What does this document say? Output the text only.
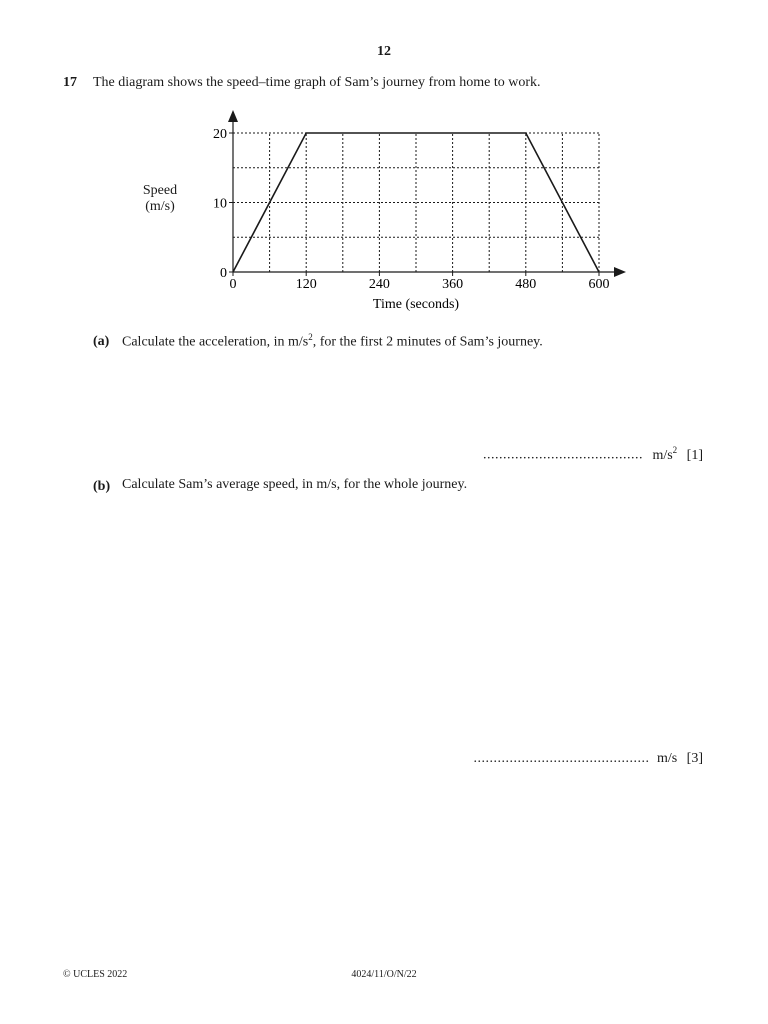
12
17 The diagram shows the speed–time graph of Sam’s journey from home to work.
Speed
(m/s)
0	120	240	360	480	600
0
10
20
Time (seconds)
(a) Calculate the acceleration, in $m/s^2$, for the first 2 minutes of Sam’s journey.
........................................ $m/s^2$ [1]
(b) Calculate Sam’s average speed, in m/s, for the whole journey.
............................................ m/s [3]
© UCLES 2022	4024/11/O/N/22
